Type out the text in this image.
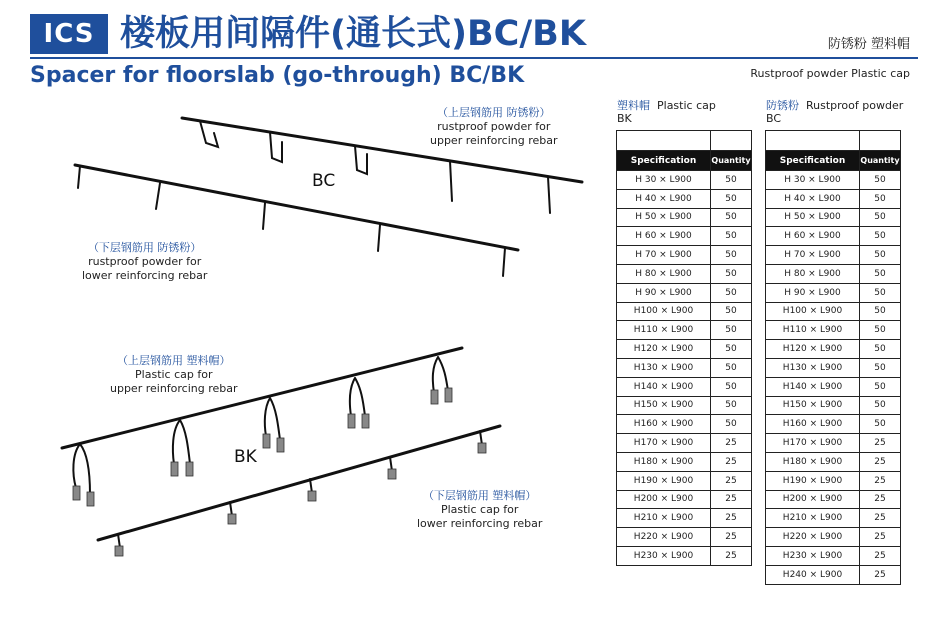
ICS 楼板用间隔件(通长式)BC/BK
Spacer for floorslab (go-through) BC/BK
防锈粉 塑料帽
Rustproof powder Plastic cap
BC
（上层钢筋用 防锈粉）
rustproof powder for
upper reinforcing rebar
（下层钢筋用 防锈粉）
rustproof powder for
lower reinforcing rebar
BK
（上层钢筋用 塑料帽）
Plastic cap for
upper reinforcing rebar
（下层钢筋用 塑料帽）
Plastic cap for
lower reinforcing rebar
塑料帽 Plastic cap
BK

Specification	Quantity
H 30 × L900	50
H 40 × L900	50
H 50 × L900	50
H 60 × L900	50
H 70 × L900	50
H 80 × L900	50
H 90 × L900	50
H100 × L900	50
H110 × L900	50
H120 × L900	50
H130 × L900	50
H140 × L900	50
H150 × L900	50
H160 × L900	50
H170 × L900	25
H180 × L900	25
H190 × L900	25
H200 × L900	25
H210 × L900	25
H220 × L900	25
H230 × L900	25
防锈粉 Rustproof powder
BC

Specification	Quantity
H 30 × L900	50
H 40 × L900	50
H 50 × L900	50
H 60 × L900	50
H 70 × L900	50
H 80 × L900	50
H 90 × L900	50
H100 × L900	50
H110 × L900	50
H120 × L900	50
H130 × L900	50
H140 × L900	50
H150 × L900	50
H160 × L900	50
H170 × L900	25
H180 × L900	25
H190 × L900	25
H200 × L900	25
H210 × L900	25
H220 × L900	25
H230 × L900	25
H240 × L900	25
